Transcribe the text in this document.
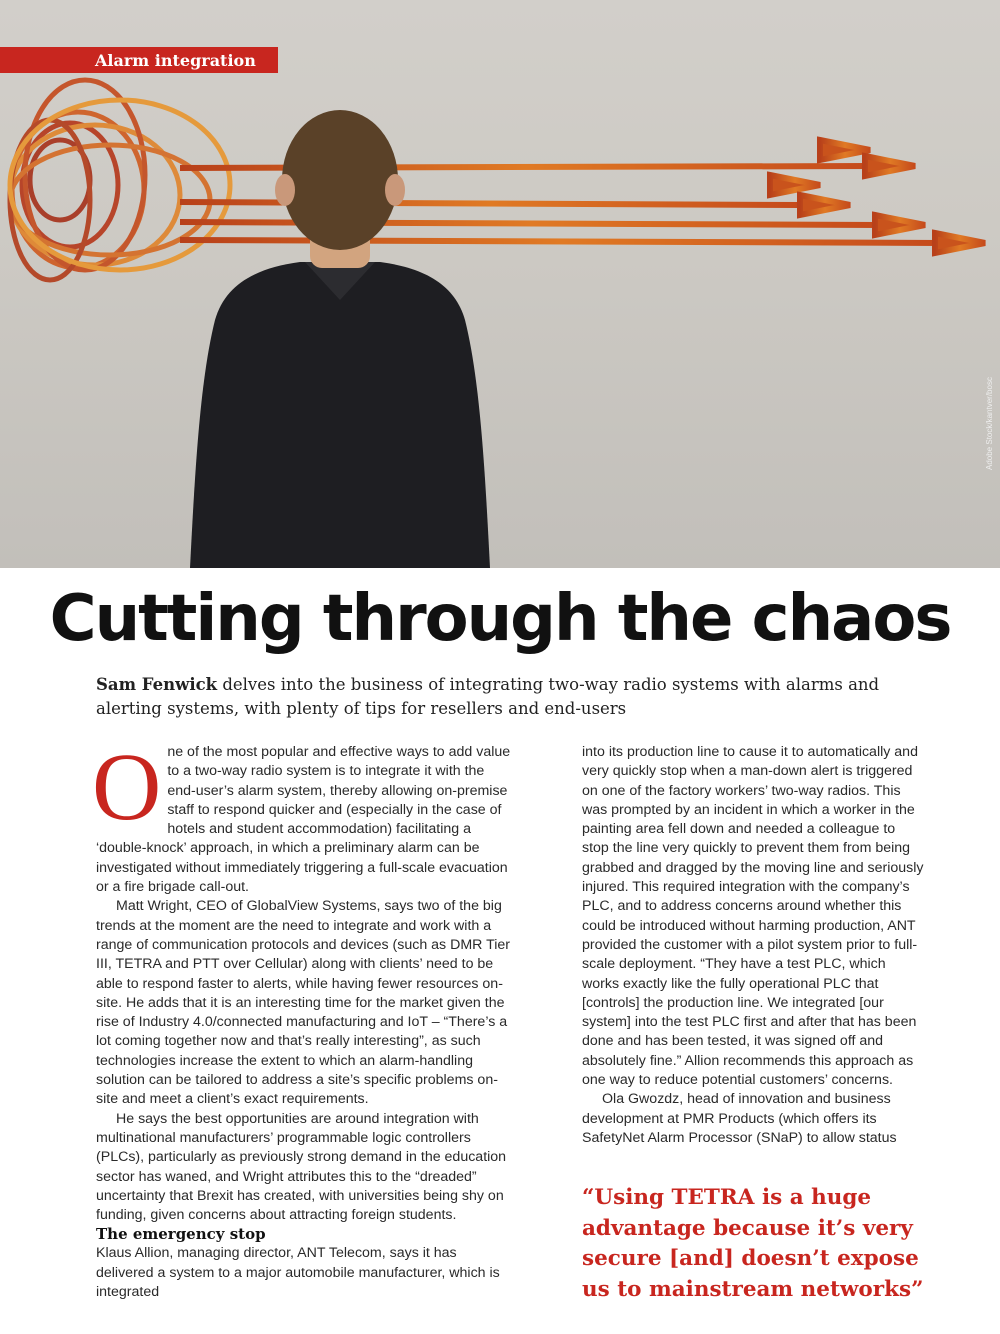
Alarm integration
Adobe Stock/kantver/bosc
Cutting through the chaos
Sam Fenwick delves into the business of integrating two-way radio systems with alarms and alerting systems, with plenty of tips for resellers and end-users

One of the most popular and effective ways to add value to a two-way radio system is to integrate it with the end-user’s alarm system, thereby allowing on-premise staff to respond quicker and (especially in the case of hotels and student accommodation) facilitating a ‘double-knock’ approach, in which a preliminary alarm can be investigated without immediately triggering a full-scale evacuation or a fire brigade call-out.

Matt Wright, CEO of GlobalView Systems, says two of the big trends at the moment are the need to integrate and work with a range of communication protocols and devices (such as DMR Tier III, TETRA and PTT over Cellular) along with clients’ need to be able to respond faster to alerts, while having fewer resources on-site. He adds that it is an interesting time for the market given the rise of Industry 4.0/connected manufacturing and IoT – “There’s a lot coming together now and that’s really interesting”, as such technologies increase the extent to which an alarm-handling solution can be tailored to address a site’s specific problems on-site and meet a client’s exact requirements.

He says the best opportunities are around integration with multinational manufacturers’ programmable logic controllers (PLCs), particularly as previously strong demand in the education sector has waned, and Wright attributes this to the “dreaded” uncertainty that Brexit has created, with universities being shy on funding, given concerns about attracting foreign students.

The emergency stop

Klaus Allion, managing director, ANT Telecom, says it has delivered a system to a major automobile manufacturer, which is integrated

into its production line to cause it to automatically and very quickly stop when a man-down alert is triggered on one of the factory workers’ two-way radios. This was prompted by an incident in which a worker in the painting area fell down and needed a colleague to stop the line very quickly to prevent them from being grabbed and dragged by the moving line and seriously injured. This required integration with the company’s PLC, and to address concerns around whether this could be introduced without harming production, ANT provided the customer with a pilot system prior to full-scale deployment. “They have a test PLC, which works exactly like the fully operational PLC that [controls] the production line. We integrated [our system] into the test PLC first and after that has been done and has been tested, it was signed off and absolutely fine.” Allion recommends this approach as one way to reduce potential customers’ concerns.

Ola Gwozdz, head of innovation and business development at PMR Products (which offers its SafetyNet Alarm Processor (SNaP) to allow status

“Using TETRA is a huge advantage because it’s very secure [and] doesn’t expose us to mainstream networks”
